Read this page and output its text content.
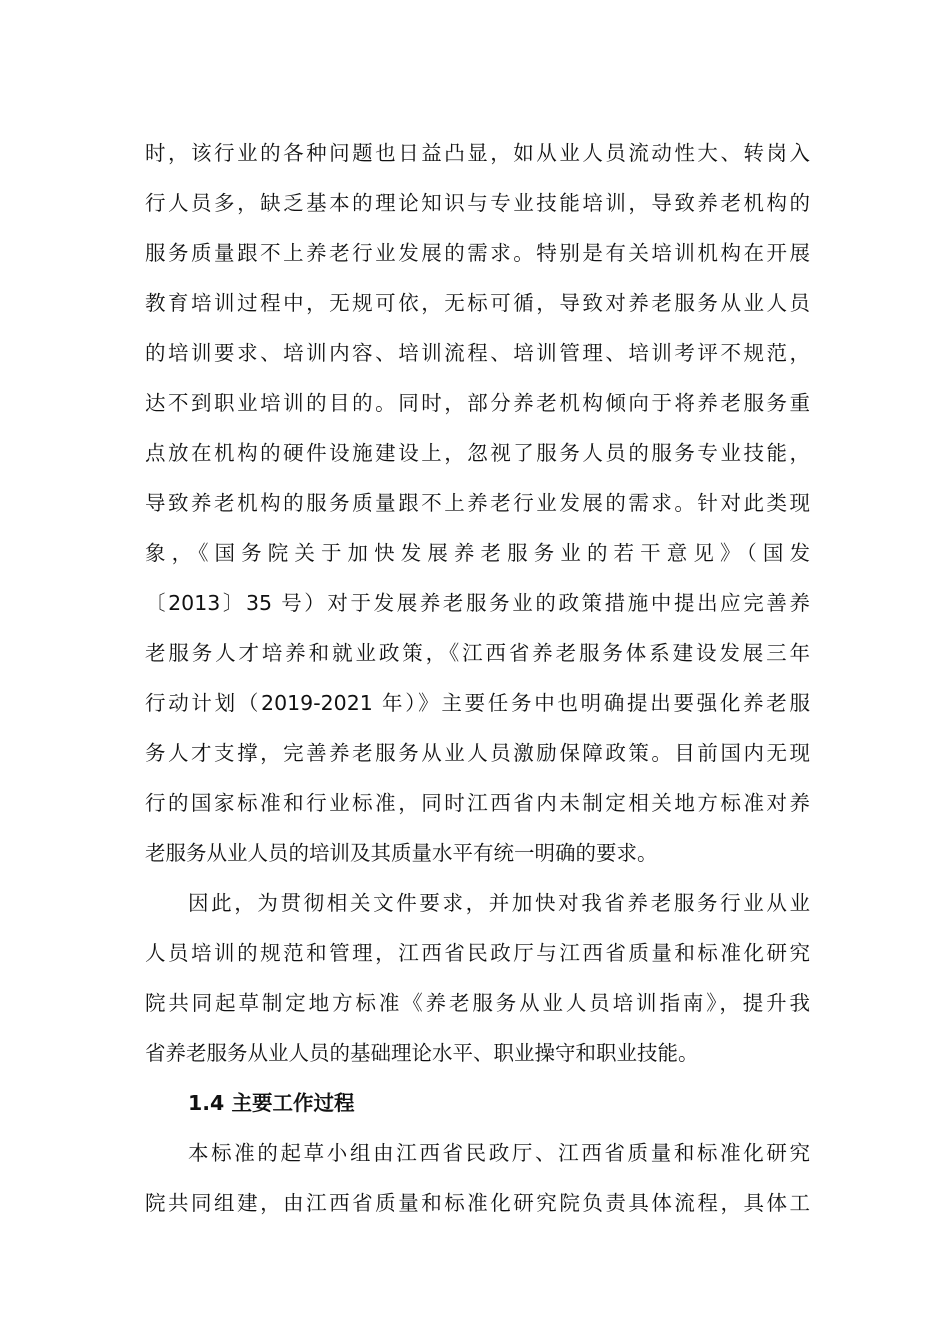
时，该行业的各种问题也日益凸显，如从业人员流动性大、转岗入
行人员多，缺乏基本的理论知识与专业技能培训，导致养老机构的
服务质量跟不上养老行业发展的需求。特别是有关培训机构在开展
教育培训过程中，无规可依，无标可循，导致对养老服务从业人员
的培训要求、培训内容、培训流程、培训管理、培训考评不规范，
达不到职业培训的目的。同时，部分养老机构倾向于将养老服务重
点放在机构的硬件设施建设上，忽视了服务人员的服务专业技能，
导致养老机构的服务质量跟不上养老行业发展的需求。针对此类现
象，《国务院关于加快发展养老服务业的若干意见》（国发
〔2013〕35 号）对于发展养老服务业的政策措施中提出应完善养
老服务人才培养和就业政策，《江西省养老服务体系建设发展三年
行动计划（2019-2021 年）》主要任务中也明确提出要强化养老服
务人才支撑，完善养老服务从业人员激励保障政策。目前国内无现
行的国家标准和行业标准，同时江西省内未制定相关地方标准对养
老服务从业人员的培训及其质量水平有统一明确的要求。
因此，为贯彻相关文件要求，并加快对我省养老服务行业从业
人员培训的规范和管理，江西省民政厅与江西省质量和标准化研究
院共同起草制定地方标准《养老服务从业人员培训指南》，提升我
省养老服务从业人员的基础理论水平、职业操守和职业技能。
1.4 主要工作过程
本标准的起草小组由江西省民政厅、江西省质量和标准化研究
院共同组建，由江西省质量和标准化研究院负责具体流程，具体工
